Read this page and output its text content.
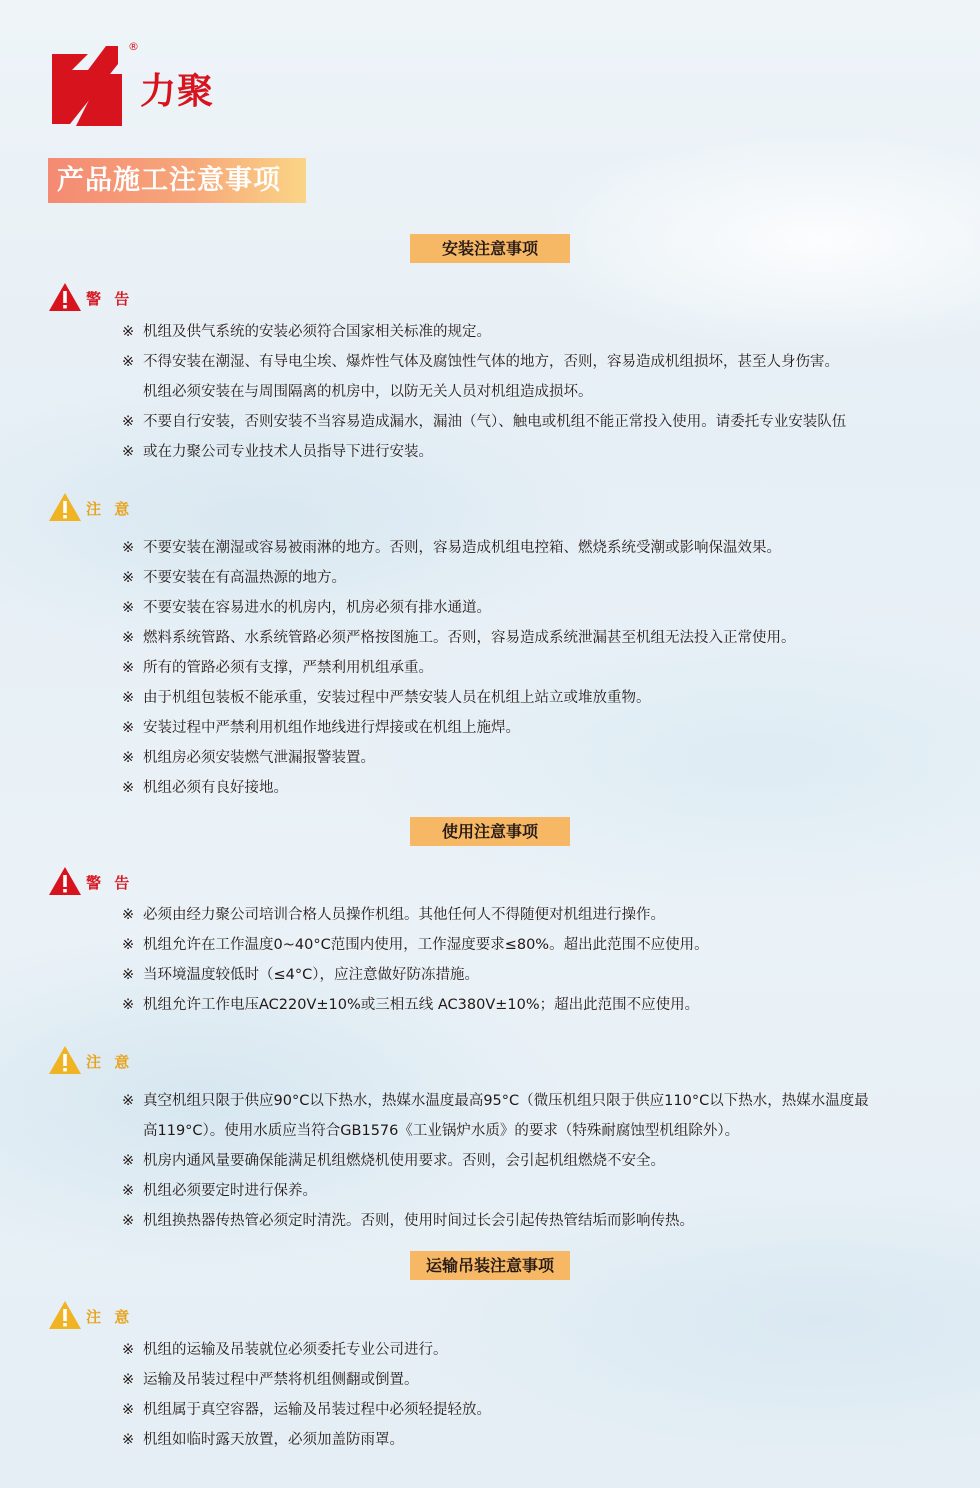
®
力聚
产品施工注意事项
安装注意事项
警 告
※ 机组及供气系统的安装必须符合国家相关标准的规定。
※ 不得安装在潮湿、有导电尘埃、爆炸性气体及腐蚀性气体的地方，否则，容易造成机组损坏，甚至人身伤害。
机组必须安装在与周围隔离的机房中，以防无关人员对机组造成损坏。
※ 不要自行安装，否则安装不当容易造成漏水，漏油（气）、触电或机组不能正常投入使用。请委托专业安装队伍
※ 或在力聚公司专业技术人员指导下进行安装。
注 意
※ 不要安装在潮湿或容易被雨淋的地方。否则，容易造成机组电控箱、燃烧系统受潮或影响保温效果。
※ 不要安装在有高温热源的地方。
※ 不要安装在容易进水的机房内，机房必须有排水通道。
※ 燃料系统管路、水系统管路必须严格按图施工。否则，容易造成系统泄漏甚至机组无法投入正常使用。
※ 所有的管路必须有支撑，严禁利用机组承重。
※ 由于机组包装板不能承重，安装过程中严禁安装人员在机组上站立或堆放重物。
※ 安装过程中严禁利用机组作地线进行焊接或在机组上施焊。
※ 机组房必须安装燃气泄漏报警装置。
※ 机组必须有良好接地。
使用注意事项
警 告
※ 必须由经力聚公司培训合格人员操作机组。其他任何人不得随便对机组进行操作。
※ 机组允许在工作温度0~40°C范围内使用，工作湿度要求≤80%。超出此范围不应使用。
※ 当环境温度较低时（≤4°C），应注意做好防冻措施。
※ 机组允许工作电压AC220V±10%或三相五线 AC380V±10%；超出此范围不应使用。
注 意
※ 真空机组只限于供应90°C以下热水，热媒水温度最高95°C（微压机组只限于供应110°C以下热水，热媒水温度最
高119°C）。使用水质应当符合GB1576《工业锅炉水质》的要求（特殊耐腐蚀型机组除外）。
※ 机房内通风量要确保能满足机组燃烧机使用要求。否则，会引起机组燃烧不安全。
※ 机组必须要定时进行保养。
※ 机组换热器传热管必须定时清洗。否则，使用时间过长会引起传热管结垢而影响传热。
运输吊装注意事项
注 意
※ 机组的运输及吊装就位必须委托专业公司进行。
※ 运输及吊装过程中严禁将机组侧翻或倒置。
※ 机组属于真空容器，运输及吊装过程中必须轻提轻放。
※ 机组如临时露天放置，必须加盖防雨罩。
